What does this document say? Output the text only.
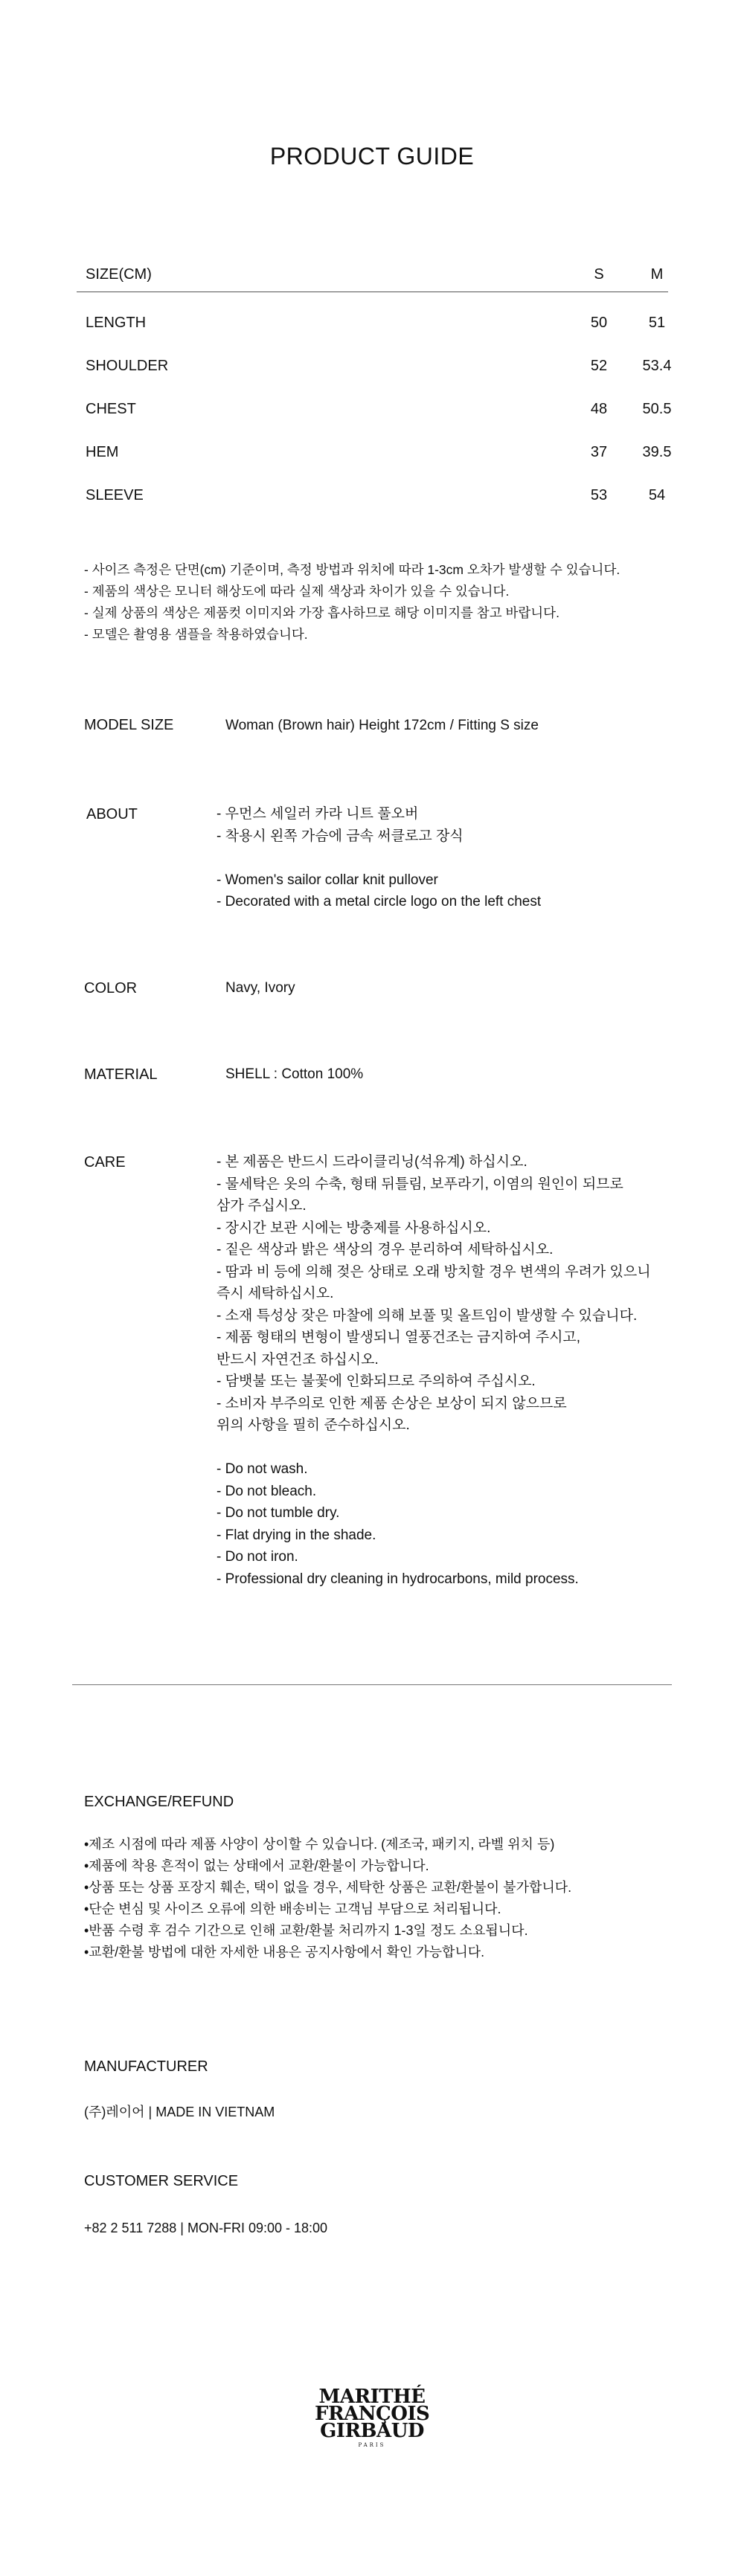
PRODUCT GUIDE
SIZE(CM)	S	M
LENGTH	50	51
SHOULDER	52	53.4
CHEST	48	50.5
HEM	37	39.5
SLEEVE	53	54
- 사이즈 측정은 단면(cm) 기준이며, 측정 방법과 위치에 따라 1-3cm 오차가 발생할 수 있습니다.
- 제품의 색상은 모니터 해상도에 따라 실제 색상과 차이가 있을 수 있습니다.
- 실제 상품의 색상은 제품컷 이미지와 가장 흡사하므로 해당 이미지를 참고 바랍니다.
- 모델은 촬영용 샘플을 착용하였습니다.
MODEL SIZE	Woman (Brown hair) Height 172cm / Fitting S size
ABOUT	- 우먼스 세일러 카라 니트 풀오버
- 착용시 왼쪽 가슴에 금속 써클로고 장식
- Women's sailor collar knit pullover
- Decorated with a metal circle logo on the left chest
COLOR	Navy, Ivory
MATERIAL	SHELL : Cotton 100%
CARE	- 본 제품은 반드시 드라이클리닝(석유계) 하십시오.
- 물세탁은 옷의 수축, 형태 뒤틀림, 보푸라기, 이염의 원인이 되므로
삼가 주십시오.
- 장시간 보관 시에는 방충제를 사용하십시오.
- 짙은 색상과 밝은 색상의 경우 분리하여 세탁하십시오.
- 땀과 비 등에 의해 젖은 상태로 오래 방치할 경우 변색의 우려가 있으니
즉시 세탁하십시오.
- 소재 특성상 잦은 마찰에 의해 보풀 및 올트임이 발생할 수 있습니다.
- 제품 형태의 변형이 발생되니 열풍건조는 금지하여 주시고,
반드시 자연건조 하십시오.
- 담뱃불 또는 불꽃에 인화되므로 주의하여 주십시오.
- 소비자 부주의로 인한 제품 손상은 보상이 되지 않으므로
위의 사항을 필히 준수하십시오.
- Do not wash.
- Do not bleach.
- Do not tumble dry.
- Flat drying in the shade.
- Do not iron.
- Professional dry cleaning in hydrocarbons, mild process.
EXCHANGE/REFUND
•제조 시점에 따라 제품 사양이 상이할 수 있습니다. (제조국, 패키지, 라벨 위치 등)
•제품에 착용 흔적이 없는 상태에서 교환/환불이 가능합니다.
•상품 또는 상품 포장지 훼손, 택이 없을 경우, 세탁한 상품은 교환/환불이 불가합니다.
•단순 변심 및 사이즈 오류에 의한 배송비는 고객님 부담으로 처리됩니다.
•반품 수령 후 검수 기간으로 인해 교환/환불 처리까지 1-3일 정도 소요됩니다.
•교환/환불 방법에 대한 자세한 내용은 공지사항에서 확인 가능합니다.
MANUFACTURER
(주)레이어 | MADE IN VIETNAM
CUSTOMER SERVICE
+82 2 511 7288 | MON-FRI 09:00 - 18:00
MARITHÉ
FRANÇOIS
GIRBAUD
PARIS
